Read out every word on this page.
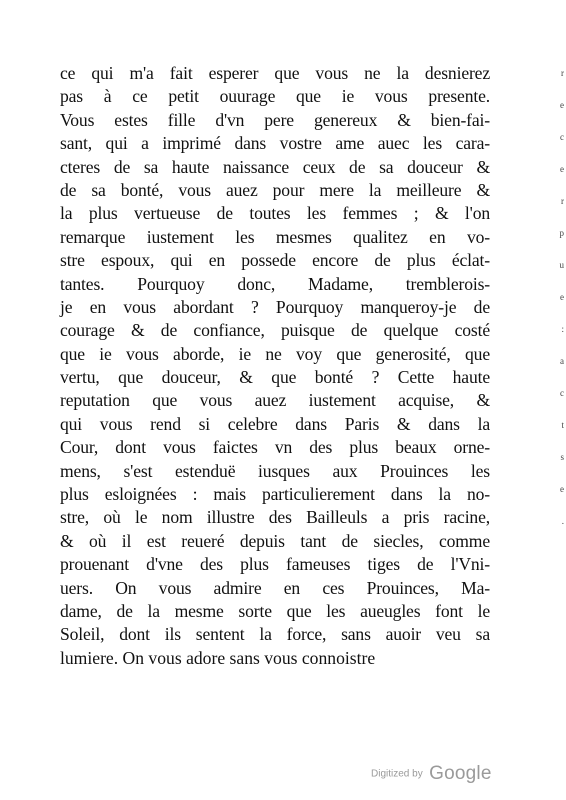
ce qui m'a fait esperer que vous ne la desnierez
pas à ce petit ouurage que ie vous presente.
Vous estes fille d'vn pere genereux & bien-fai-
sant, qui a imprimé dans vostre ame auec les cara-
cteres de sa haute naissance ceux de sa douceur &
de sa bonté, vous auez pour mere la meilleure &
la plus vertueuse de toutes les femmes ; & l'on
remarque iustement les mesmes qualitez en vo-
stre espoux, qui en possede encore de plus éclat-
tantes. Pourquoy donc, Madame, tremblerois-
je en vous abordant ? Pourquoy manqueroy-je de
courage & de confiance, puisque de quelque costé
que ie vous aborde, ie ne voy que generosité, que
vertu, que douceur, & que bonté ? Cette haute
reputation que vous auez iustement acquise, &
qui vous rend si celebre dans Paris & dans la
Cour, dont vous faictes vn des plus beaux orne-
mens, s'est estenduë iusques aux Prouinces les
plus esloignées : mais particulierement dans la no-
stre, où le nom illustre des Bailleuls a pris racine,
& où il est reueré depuis tant de siecles, comme
prouenant d'vne des plus fameuses tiges de l'Vni-
uers. On vous admire en ces Prouinces, Ma-
dame, de la mesme sorte que les aueugles font le
Soleil, dont ils sentent la force, sans auoir veu sa
lumiere. On vous adore sans vous connoistre
r
e
c
e
r
p
u
e
:
a
c
t
s
e
.
Digitized by Google
